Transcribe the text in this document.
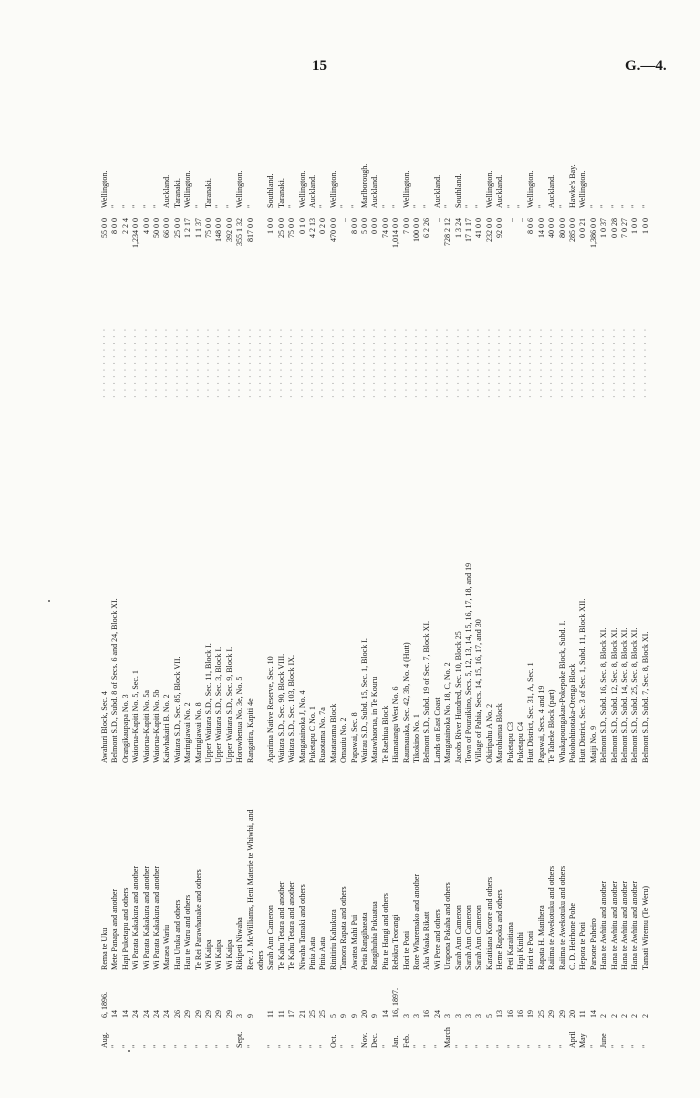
15	G.—4.
Aug.
6, 1896.
Rema te Uku
Awahuri Block, Sec. 4
55 0 0
Wellington.
· · · · · · · · · · ·
"
14
Mete Panapa and another
Belmont S.D., Subd. 8 of Secs. 6 and 24, Block XI.
8 0 0
"
· · · · · · · · · · ·
"
14
Hapi Puketapu and others
Orangikaupapa No. 3
2 2 4
"
· · · · · · · · · · ·
"
24
Wi Parata Kakakura and another
Waiorua-Kapiti No. 5, Sec. 1
1,234 0 0
"
· · · · · · · · · · ·
"
24
Wi Parata Kakakura and another
Waiorua-Kapiti No. 5a
4 0 0
"
· · · · · · · · · · ·
"
24
Wi Parata Kakakura and another
Waiorua-Kapiti No. 5b
50 0 0
"
· · · · · · · · · · ·
"
24
Maraea Wariu
Kaiwhakairi B. No. 2
66 0 0
Auckland.
· · · · · · · · · · ·
"
26
Hau Uruka and others
Waitara S.D., Sec. 85, Block VII.
25 0 0
Taranaki.
· · · · · · · · · · ·
"
29
Hau te Waru and others
Maringiawai No. 2
1 2 17
Wellington.
· · · · · · · · · · ·
"
29
Te Rei Parawhanake and others
Maringiawai No. 8
1 1 37
"
· · · · · · · · · · ·
"
29
Wi Kaipa
Upper Waitara S.D., Sec. 11, Block I.
75 0 0
Taranaki.
· · · · · · · · · · ·
"
29
Wi Kaipa
Upper Waitara S.D., Sec. 3, Block I.
148 0 0
"
· · · · · · · · · · ·
"
29
Wi Kaipa
Upper Waitara S.D., Sec. 9, Block I.
392 0 0
"
· · · · · · · · · · ·
Sept.
3
Rikipeti Niwaha
Horowhenua No. 3e, No. 5
355 1 32
Wellington.
· · · · · · · · · · ·
"
9
Rev. J. McWilliams, Heni Materie te Whiwhi, and
Rangatira, Kapiti 4e
817 0 0
"
· · · · · · · · · · ·
others
· · · · · · · · · · ·
"
11
Sarah Ann Cameron
Aparima Native Reserve, Sec. 10
1 0 0
Southland.
· · · · · · · · · · ·
"
11
Te Kahu Tetara and another
Waitara S.D., Sec. 90, Block VIII.
25 0 0
Taranaki.
· · · · · · · · · · ·
"
17
Te Kahu Tetara and another
Waitara S.D., Sec. 103, Block IX.
75 0 0
"
· · · · · · · · · · ·
"
21
Niwaha Tamaki and others
Mangatainoka J, No. 4
0 1 0
Wellington.
· · · · · · · · · · ·
"
25
Pinia Aata
Puketapu C No. 1
4 2 13
Auckland.
· · · · · · · · · · ·
"
25
Pinia Aata
Ruaotama No. 7a
0 2 0
"
· · · · · · · · · · ·
Oct.
5
Rinitiriu Kahukura
Matatarama Block
470 0 0
Wellington.
· · · · · · · · · · ·
"
9
Tamora Rapata and others
Omauiu No. 2
..
"
· · · · · · · · · · ·
"
9
Awatea Mahi Pui
Papawai, Sec. 8
8 0 0
"
· · · · · · · · · · ·
Nov.
20
Peita Rangihaeata
Wairau S.D., Subd. 15, Sec. 1, Block I.
5 0 0
Marlborough.
· · · · · · · · · · ·
Dec.
9
Rangihuhia Pukuatua
Matawhaorua, in Te Kouru
0 0 0
Auckland.
· · · · · · · · · · ·
"
14
Pita te Hangi and others
Te Raehiua Block
74 0 0
"
· · · · · · · · · · ·
Jan.
16, 1897.
Rebikra Teorangi
Hiamatangu West No. 6
1,014 0 0
"
· · · · · · · · · · ·
Feb.
3
Hori te Poni
Raumauaka, Sec. 42, 3b, No. 4 (Hutt)
7 0 0
Wellington.
· · · · · · · · · · ·
"
3
Rore Wharemako and another
Tikokino No. 1
100 0 0
"
· · · · · · · · · · ·
"
16
Aka Waaka Rikatt
Belmont S.D., Subd. 19 of Sec. 7, Block XI.
6 2 26
"
· · · · · · · · · · ·
"
24
Wi Pere and others
Lands on East Coast
..
Auckland.
· · · · · · · · · · ·
March
3
Urapona Pakaha and others
Mangatainoka No. 18, C, No. 2
728 2 12
"
· · · · · · · · · · ·
"
3
Sarah Ann Cameron
Jacobs River Hundred, Sec. 10, Block 25
1 3 24
Southland.
· · · · · · · · · · ·
"
3
Sarah Ann Cameron
Town of Pouraikino, Secs. 5, 12, 13, 14, 15, 16, 17, 18, and 19
17 1 17
"
· · · · · · · · · · ·
"
3
Sarah Ann Cameron
Village of Pahia, Secs. 14, 15, 16, 17, and 30
41 0 0
"
· · · · · · · · · · ·
"
5
Karaitiana Korore and others
Okiripahu A No. 2
232 0 0
Wellington.
· · · · · · · · · · ·
"
13
Heme Rapoka and others
Marohianua Block
92 0 0
Auckland.
· · · · · · · · · · ·
"
16
Peti Karaitiana
Puketapu C3
..
"
· · · · · · · · · · ·
"
16
Hapi Kinihi
Puketapu C4
..
"
· · · · · · · · · · ·
"
19
Hori te Poni
Hutt District, Sec. 31, A, Sec. 1
8 0 6
Wellington.
· · · · · · · · · · ·
"
25
Rapata H. Manihera
Papawai, Secs. 4 and 19
14 0 0
"
· · · · · · · · · · ·
"
29
Raiima te Awekotuku and others
Te Taheke Block (part)
40 0 0
Auckland.
· · · · · · · · · · ·
"
29
Raiima te Awekotuku and others
Whakapoungakau-Pokepoke Block, Subd. I.
80 0 0
"
· · · · · · · · · · ·
April
20
C. D. Heirhone Pohe
Pokohohinotaka-Orenga Block
285 0 0
Hawke's Bay.
· · · · · · · · · · ·
May
11
Hepora te Poni
Hutt District, Sec. 3 of Sec. 1, Subd. 11, Block XII.
0 0 21
Wellington.
· · · · · · · · · · ·
"
14
Parsone Paheiro
Maiji No. 9
1,386 0 0
"
· · · · · · · · · · ·
June
2
Hana te Awhitu and another
Belmont S.D., Subd. 16, Sec. 8, Block XI.
1 0 37
"
· · · · · · · · · · ·
"
2
Hana te Awhitu and another
Belmont S.D., Subd. 12, Sec. 8, Block XI.
0 0 28
"
· · · · · · · · · · ·
"
2
Hana te Awhitu and another
Belmont S.D., Subd. 14, Sec. 8, Block XI.
7 0 27
"
· · · · · · · · · · ·
"
2
Hana te Awhitu and another
Belmont S.D., Subd. 25, Sec. 8, Block XI.
1 0 0
"
· · · · · · · · · · ·
"
2
Tamati Wiremu (Te Weru)
Belmont S.D., Subd. 7, Sec. 8, Block XI.
1 0 0
"
· · · · · · · · · · ·
